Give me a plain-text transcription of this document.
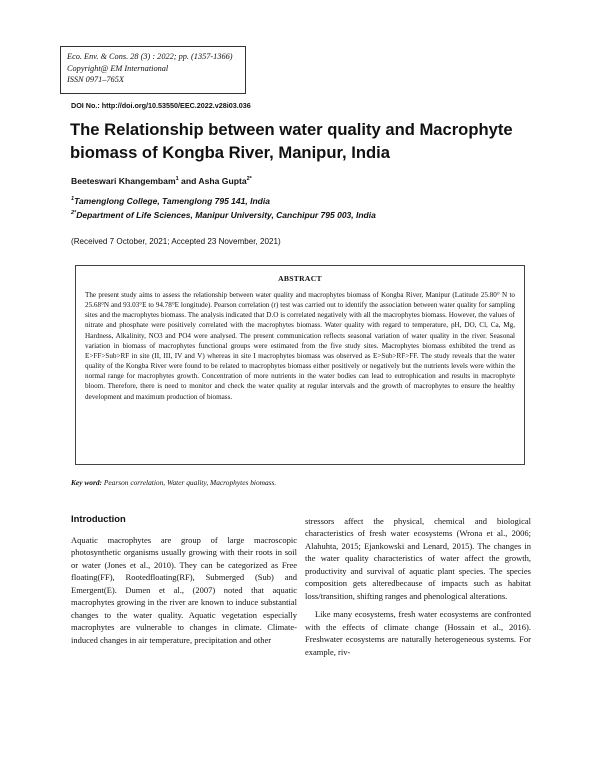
Eco. Env. & Cons. 28 (3) : 2022; pp. (1357-1366)
Copyright@ EM International
ISSN 0971–765X
DOI No.: http://doi.org/10.53550/EEC.2022.v28i03.036
The Relationship between water quality and Macrophyte biomass of Kongba River, Manipur, India
Beeteswari Khangembam$^1$ and Asha Gupta$^{2*}$
$^1$Tamenglong College, Tamenglong 795 141, India
$^{2*}$Department of Life Sciences, Manipur University, Canchipur 795 003, India
(Received 7 October, 2021; Accepted 23 November, 2021)
ABSTRACT

The present study aims to assess the relationship between water quality and macrophytes biomass of Kongba River, Manipur (Latitude 25.80° N to 25.68°N and 93.03°E to 94.78°E longitude). Pearson correlation (r) test was carried out to identify the association between water quality for sampling sites and the macrophytes biomass. The analysis indicated that D.O is correlated negatively with all the macrophytes biomass. However, the values of nitrate and phosphate were positively correlated with the macrophytes biomass. Water quality with regard to temperature, pH, DO, Cl, Ca, Mg, Hardness, Alkalinity, NO3 and PO4 were analysed. The present communication reflects seasonal variation of water quality in the river. Seasonal variation in biomass of macrophytes functional groups were estimated from the five study sites. Macrophytes biomass exhibited the trend as E>FF>Sub>RF in site (II, III, IV and V) whereas in site I macrophytes biomass was observed as E>Sub>RF>FF. The study reveals that the water quality of the Kongba River were found to be related to macrophytes biomass either positively or negatively but the nutrients levels were within the normal range for macrophytes growth. Concentration of more nutrients in the water bodies can lead to eutrophication and results in macrophyte bloom. Therefore, there is need to monitor and check the water quality at regular intervals and the growth of macrophytes to ensure the healthy development and maximum production of biomass.

Key word: Pearson correlation, Water quality, Macrophytes biomass.
Introduction

Aquatic macrophytes are group of large macroscopic photosynthetic organisms usually growing with their roots in soil or water (Jones et al., 2010). They can be categorized as Free floating(FF), Rootedfloating(RF), Submerged (Sub) and Emergent(E). Dumen et al., (2007) noted that aquatic macrophytes growing in the river are known to induce substantial changes to the water quality. Aquatic vegetation especially macrophytes are vulnerable to changes in climate. Climate-induced changes in air temperature, precipitation and other

stressors affect the physical, chemical and biological characteristics of fresh water ecosystems (Wrona et al., 2006; Alahuhta, 2015; Ejankowski and Lenard, 2015). The changes in the water quality characteristics of water affect the growth, productivity and survival of aquatic plant species. The species composition gets alteredbecause of impacts such as habitat loss/transition, shifting ranges and phenological alterations.

Like many ecosystems, fresh water ecosystems are confronted with the effects of climate change (Hossain et al., 2016). Freshwater ecosystems are naturally heterogeneous systems. For example, riv-
